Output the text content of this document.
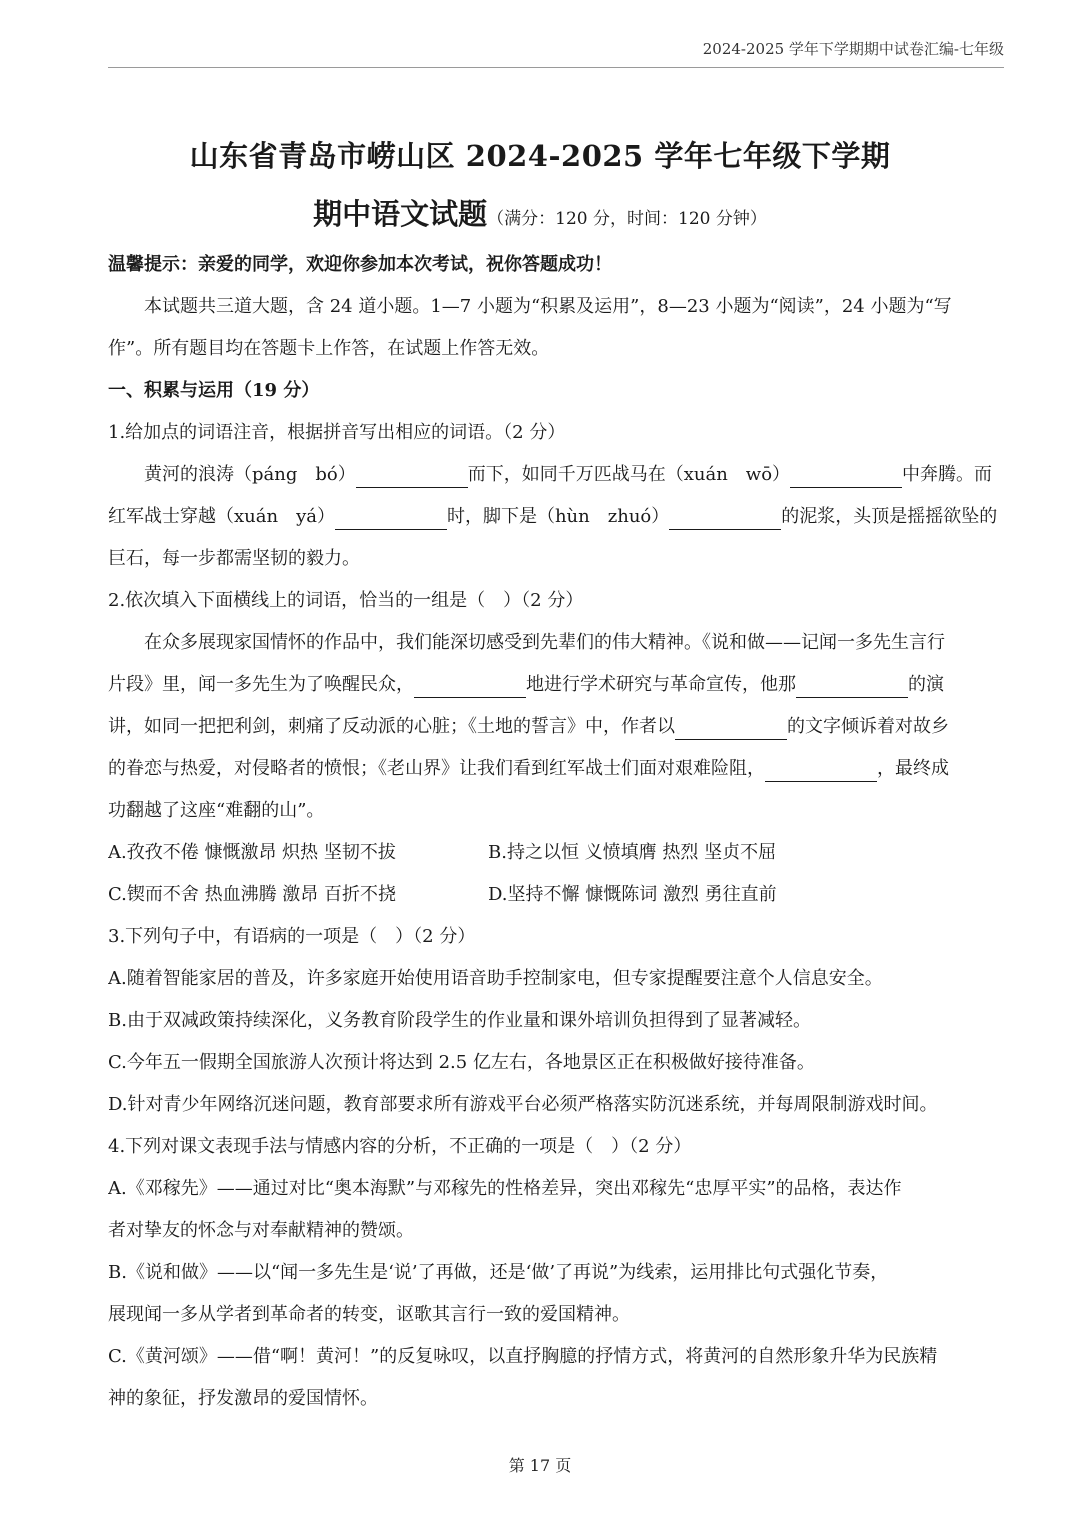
2024-2025 学年下学期期中试卷汇编-七年级
山东省青岛市崂山区 2024-2025 学年七年级下学期
期中语文试题（满分：120 分，时间：120 分钟）
温馨提示：亲爱的同学，欢迎你参加本次考试，祝你答题成功！
本试题共三道大题，含 24 道小题。1—7 小题为“积累及运用”，8—23 小题为“阅读”，24 小题为“写
作”。所有题目均在答题卡上作答，在试题上作答无效。
一、积累与运用（19 分）
1.给加点的词语注音，根据拼音写出相应的词语。（2 分）
黄河的浪涛（páng　bó）	而下，如同千万匹战马在（xuán　wō）	中奔腾。而
红军战士穿越（xuán　yá）	时，脚下是（hùn　zhuó）	的泥浆，头顶是摇摇欲坠的
巨石，每一步都需坚韧的毅力。
2.依次填入下面横线上的词语，恰当的一组是（　）（2 分）
在众多展现家国情怀的作品中，我们能深切感受到先辈们的伟大精神。《说和做——记闻一多先生言行
片段》里，闻一多先生为了唤醒民众，	地进行学术研究与革命宣传，他那	的演
讲，如同一把把利剑，刺痛了反动派的心脏；《土地的誓言》中，作者以	的文字倾诉着对故乡
的眷恋与热爱，对侵略者的愤恨；《老山界》让我们看到红军战士们面对艰难险阻，	，最终成
功翻越了这座“难翻的山”。
A.孜孜不倦 慷慨激昂 炽热 坚韧不拔	B.持之以恒 义愤填膺 热烈 坚贞不屈
C.锲而不舍 热血沸腾 激昂 百折不挠	D.坚持不懈 慷慨陈词 激烈 勇往直前
3.下列句子中，有语病的一项是（　）（2 分）
A.随着智能家居的普及，许多家庭开始使用语音助手控制家电，但专家提醒要注意个人信息安全。
B.由于双减政策持续深化，义务教育阶段学生的作业量和课外培训负担得到了显著减轻。
C.今年五一假期全国旅游人次预计将达到 2.5 亿左右，各地景区正在积极做好接待准备。
D.针对青少年网络沉迷问题，教育部要求所有游戏平台必须严格落实防沉迷系统，并每周限制游戏时间。
4.下列对课文表现手法与情感内容的分析，不正确的一项是（　）（2 分）
A.《邓稼先》——通过对比“奥本海默”与邓稼先的性格差异，突出邓稼先“忠厚平实”的品格，表达作
者对挚友的怀念与对奉献精神的赞颂。
B.《说和做》——以“闻一多先生是‘说’了再做，还是‘做’了再说”为线索，运用排比句式强化节奏，
展现闻一多从学者到革命者的转变，讴歌其言行一致的爱国精神。
C.《黄河颂》——借“啊！黄河！”的反复咏叹，以直抒胸臆的抒情方式，将黄河的自然形象升华为民族精
神的象征，抒发激昂的爱国情怀。
第 17 页
